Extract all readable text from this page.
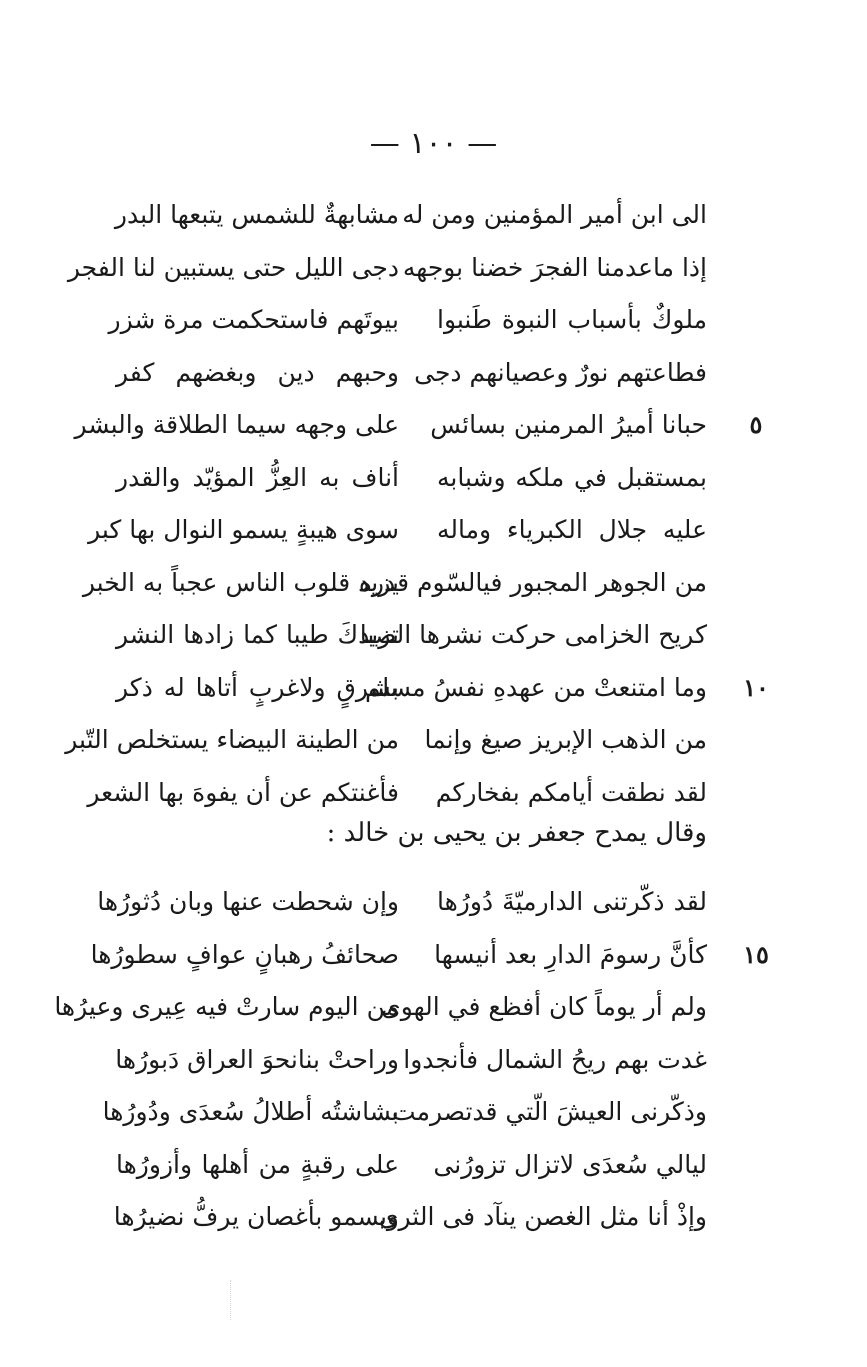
— ١٠٠ —
الى ابن أمير المؤمنين ومن له
مشابهةٌ للشمس يتبعها البدر
إذا ماعدمنا الفجرَ خضنا بوجهه
دجى الليل حتى يستبين لنا الفجر
ملوكٌ بأسباب النبوة طَنبوا
بيوتَهم فاستحكمت مرة شزر
فطاعتهم نورٌ وعصيانهم دجى
وحبهم دين وبغضهم كفر
حبانا أميرُ المرمنين بسائس
على وجهه سيما الطلاقة والبشر	٥
بمستقبل في ملكه وشبابه
أناف به العِزُّ المؤيّد والقدر
عليه جلال الكبرياء وماله
سوى هيبةٍ يسمو النوال بها كبر
من الجوهر المجبور فيالسّوم قدره
يزيد قلوب الناس عجباً به الخبر
كريح الخزامى حركت نشرها الصبا
تزيدكَ طيبا كما زادها النشر
وما امتنعتْ من عهدهِ نفسُ مسلم
بشرقٍ ولاغربٍ أتاها له ذكر	١٠
من الذهب الإبريز صيغ وإنما
من الطينة البيضاء يستخلص التّبر
لقد نطقت أيامكم بفخاركم
فأغنتكم عن أن يفوهَ بها الشعر
وقال يمدح جعفر بن يحيى بن خالد :
لقد ذكّرتنى الدارميّةَ دُورُها
وإن شحطت عنها وبان دُثورُها
كأنَّ رسومَ الدارِ بعد أنيسها
صحائفُ رهبانٍ عوافٍ سطورُها	١٥
ولم أر يوماً كان أفظع في الهوى
من اليوم سارتْ فيه عِيرى وعيرُها
غدت بهم ريحُ الشمال فأنجدوا
وراحتْ بنانحوَ العراق دَبورُها
وذكّرنى العيشَ الّتي قدتصرمت
بشاشتُه أطلالُ سُعدَى ودُورُها
ليالي سُعدَى لاتزال تزورُنى
على رقبةٍ من أهلها وأزورُها
وإذْ أنا مثل الغصن ينآد فى الثرى
ويسمو بأغصان يرفُّ نضيرُها
